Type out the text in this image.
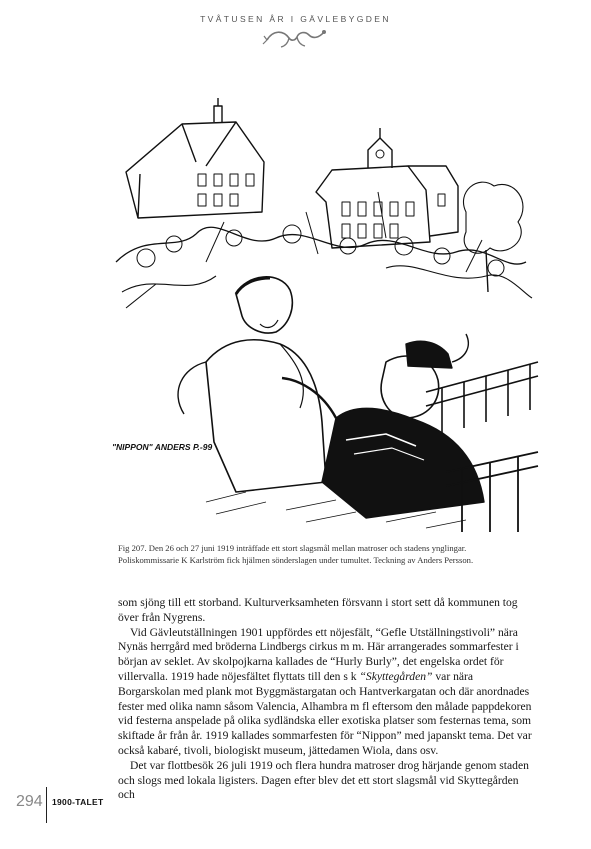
TVÅTUSEN ÅR I GÄVLEBYGDEN
"NIPPON" ANDERS P.-99
Fig 207. Den 26 och 27 juni 1919 inträffade ett stort slagsmål mellan matroser och stadens ynglingar.
Poliskommissarie K Karlström fick hjälmen sönderslagen under tumultet. Teckning av Anders Persson.

som sjöng till ett storband. Kulturverksamheten försvann i stort sett då kommunen tog över från Nygrens.

Vid Gävleutställningen 1901 uppfördes ett nöjesfält, “Gefle Utställningstivoli” nära Nynäs herrgård med bröderna Lindbergs cirkus m m. Här arrangerades sommarfester i början av seklet. Av skolpojkarna kallades de “Hurly Burly”, det engelska ordet för villervalla. 1919 hade nöjesfältet flyttats till den s k “Skyttegården” var nära Borgarskolan med plank mot Byggmästargatan och Hantverkargatan och där anordnades fester med olika namn såsom Valencia, Alhambra m fl eftersom den målade pappdekoren vid festerna anspelade på olika sydländska eller exotiska platser som festernas tema, som skiftade år från år. 1919 kallades sommarfesten för “Nippon” med japanskt tema. Det var också kabaré, tivoli, biologiskt museum, jättedamen Wiola, dans osv.

Det var flottbesök 26 juli 1919 och flera hundra matroser drog härjande genom staden och slogs med lokala ligisters. Dagen efter blev det ett stort slagsmål vid Skyttegården och

294 1900-TALET
